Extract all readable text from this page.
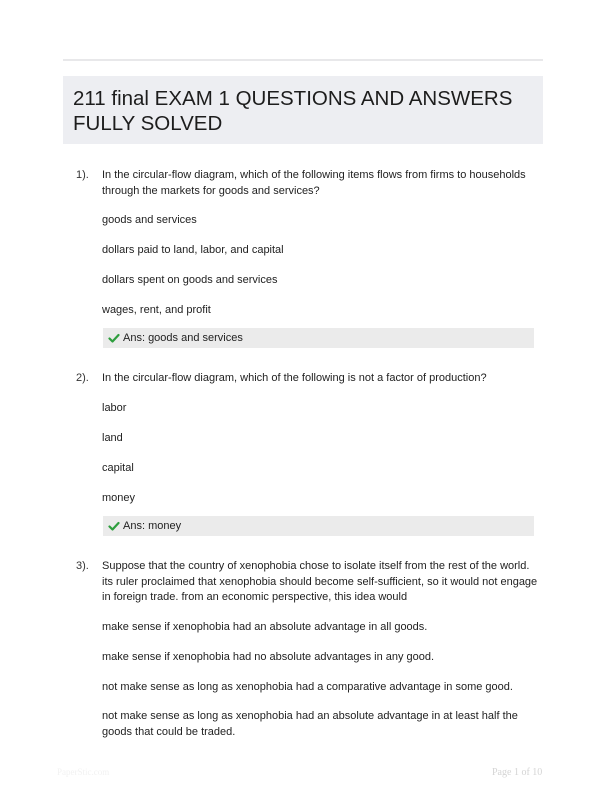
211 final EXAM 1 QUESTIONS AND ANSWERS FULLY SOLVED
1). In the circular-flow diagram, which of the following items flows from firms to households through the markets for goods and services?
goods and services
dollars paid to land, labor, and capital
dollars spent on goods and services
wages, rent, and profit
Ans: goods and services
2). In the circular-flow diagram, which of the following is not a factor of production?
labor
land
capital
money
Ans: money
3). Suppose that the country of xenophobia chose to isolate itself from the rest of the world. its ruler proclaimed that xenophobia should become self-sufficient, so it would not engage in foreign trade. from an economic perspective, this idea would
make sense if xenophobia had an absolute advantage in all goods.
make sense if xenophobia had no absolute advantages in any good.
not make sense as long as xenophobia had a comparative advantage in some good.
not make sense as long as xenophobia had an absolute advantage in at least half the goods that could be traded.
PaperStic.com	Page 1 of 10
